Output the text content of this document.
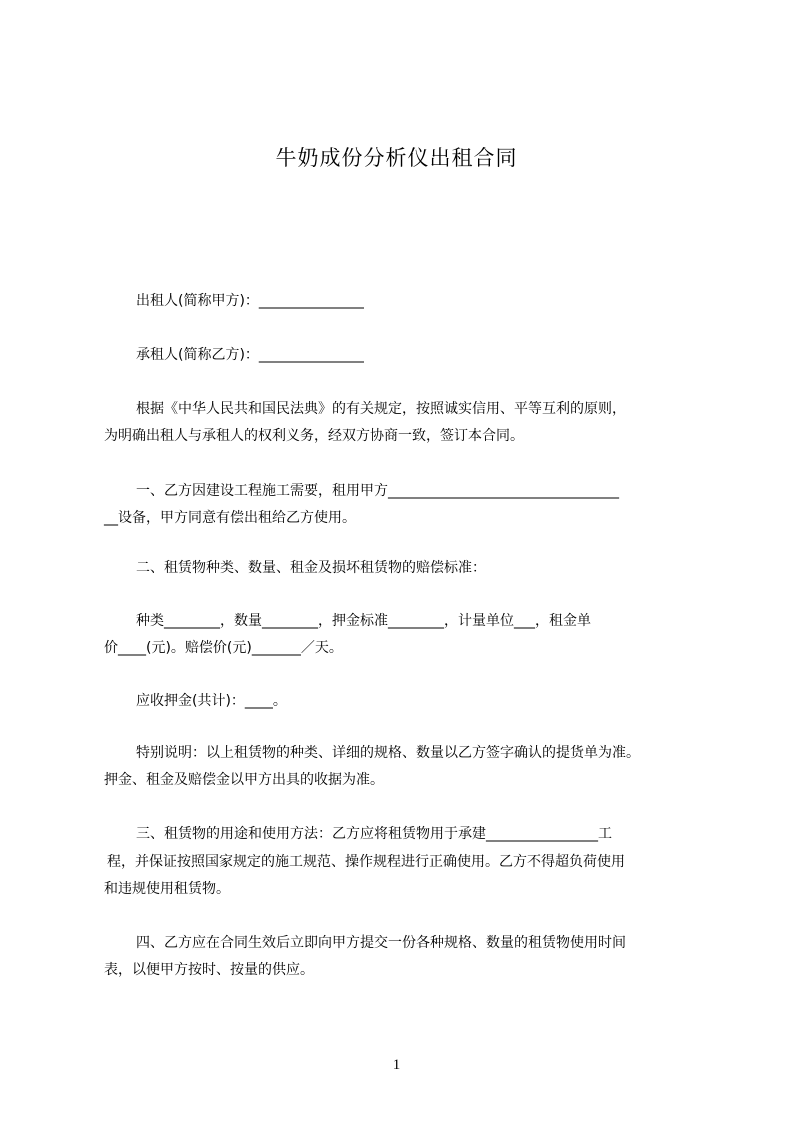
牛奶成份分析仪出租合同
出租人(简称甲方)：_______________
承租人(简称乙方)：_______________
根据《中华人民共和国民法典》的有关规定，按照诚实信用、平等互利的原则，
为明确出租人与承租人的权利义务，经双方协商一致，签订本合同。
一、乙方因建设工程施工需要，租用甲方_________________________________
__设备，甲方同意有偿出租给乙方使用。
二、租赁物种类、数量、租金及损坏租赁物的赔偿标准：
种类________，数量________，押金标准________，计量单位___，租金单
价____(元)。赔偿价(元)_______／天。
应收押金(共计)：____。
特别说明：以上租赁物的种类、详细的规格、数量以乙方签字确认的提货单为准。
押金、租金及赔偿金以甲方出具的收据为准。
三、租赁物的用途和使用方法：乙方应将租赁物用于承建________________工
程，并保证按照国家规定的施工规范、操作规程进行正确使用。乙方不得超负荷使用
和违规使用租赁物。
四、乙方应在合同生效后立即向甲方提交一份各种规格、数量的租赁物使用时间
表，以便甲方按时、按量的供应。
1
